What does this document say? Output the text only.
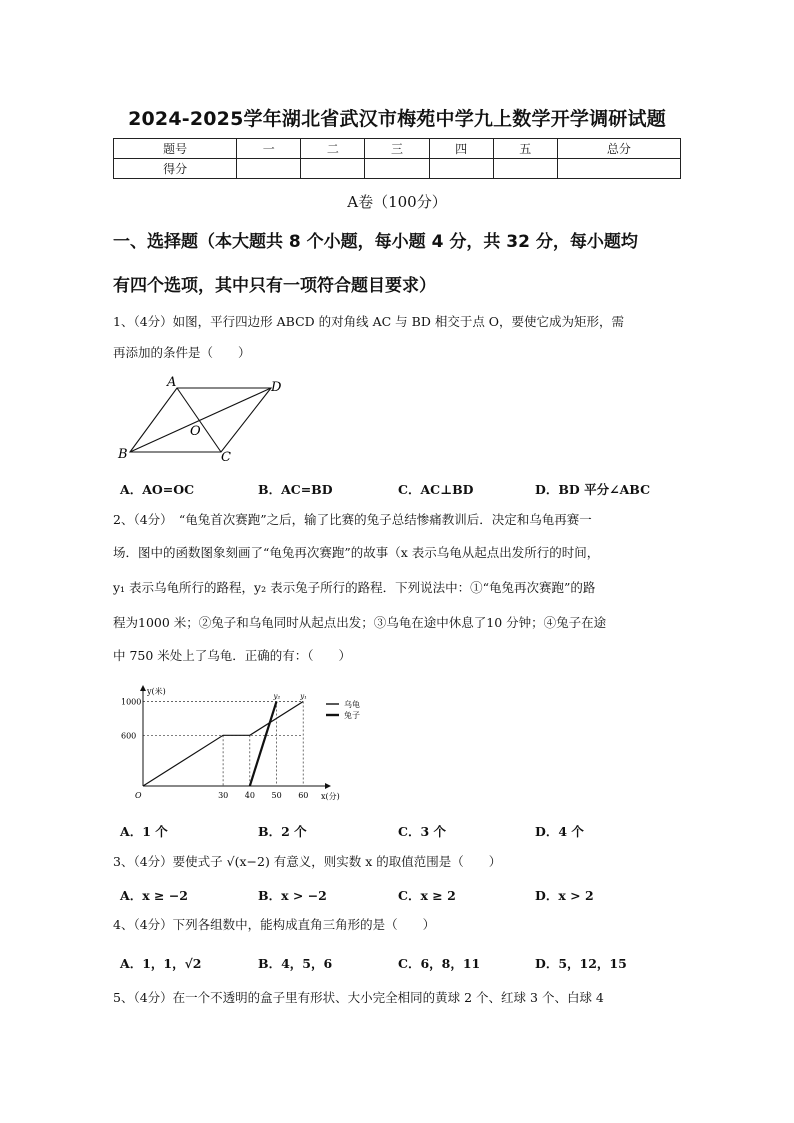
2024-2025学年湖北省武汉市梅苑中学九上数学开学调研试题
题号	一	二	三	四	五	总分
得分						
A卷（100分）
一、选择题（本大题共 8 个小题，每小题 4 分，共 32 分，每小题均
有四个选项，其中只有一项符合题目要求）
1、（4分）如图，平行四边形 ABCD 的对角线 AC 与 BD 相交于点 O，要使它成为矩形，需
再添加的条件是（　　）
A	D
B	C
O
A．AO=OC	B．AC=BD	C．AC⊥BD	D．BD 平分∠ABC
2、（4分）　“龟兔首次赛跑”之后，输了比赛的兔子总结惨痛教训后．决定和乌龟再赛一
场．图中的函数图象刻画了“龟兔再次赛跑”的故事（x 表示乌龟从起点出发所行的时间，
y₁ 表示乌龟所行的路程，y₂ 表示兔子所行的路程．下列说法中：①“龟兔再次赛跑”的路
程为1000 米；②兔子和乌龟同时从起点出发；③乌龟在途中休息了10 分钟；④兔子在途
中 750 米处上了乌龟．正确的有：（　　）
y₁
y₂
600
1000
30 40 50 60
y(米)
x(分)
O
乌龟
兔子
A．1 个	B．2 个	C．3 个	D．4 个
3、（4分）要使式子 √(x−2) 有意义，则实数 x 的取值范围是（　　）
A．x ≥ −2	B．x > −2	C．x ≥ 2	D．x > 2
4、（4分）下列各组数中，能构成直角三角形的是（　　）
A．1，1，√2	B．4，5，6	C．6，8，11	D．5，12，15
5、（4分）在一个不透明的盒子里有形状、大小完全相同的黄球 2 个、红球 3 个、白球 4
